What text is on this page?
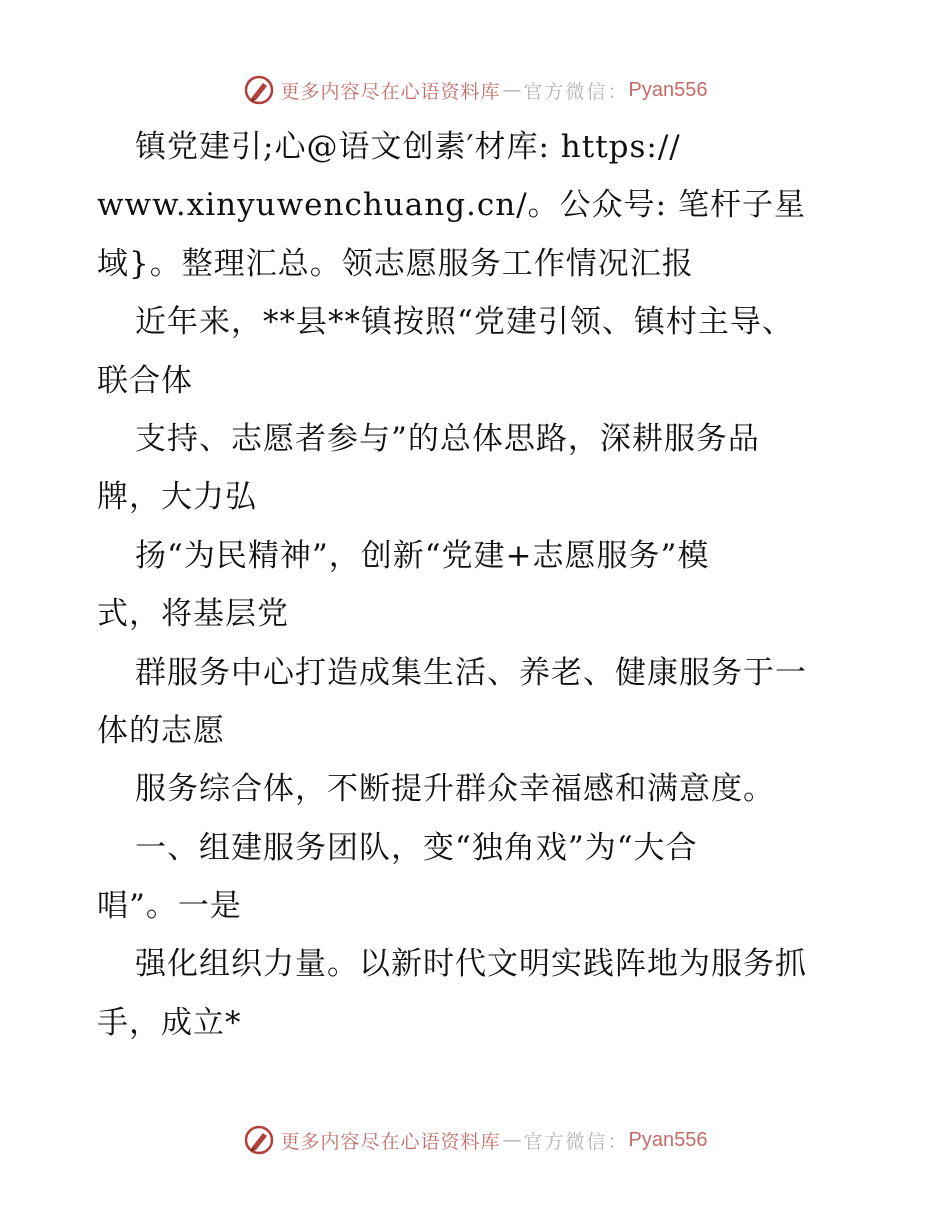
更多内容尽在心语资料库 — 官方微信： Pyan556
镇党建引;心@语文创素′材库: https://
www.xinyuwenchuang.cn/。公众号: 笔杆子星
域}。整理汇总。领志愿服务工作情况汇报
近年来，**县**镇按照“党建引领、镇村主导、
联合体
支持、志愿者参与”的总体思路，深耕服务品
牌，大力弘
扬“为民精神”，创新“党建+志愿服务”模
式，将基层党
群服务中心打造成集生活、养老、健康服务于一
体的志愿
服务综合体，不断提升群众幸福感和满意度。
一、组建服务团队，变“独角戏”为“大合
唱”。一是
强化组织力量。以新时代文明实践阵地为服务抓
手，成立*
更多内容尽在心语资料库 — 官方微信： Pyan556
